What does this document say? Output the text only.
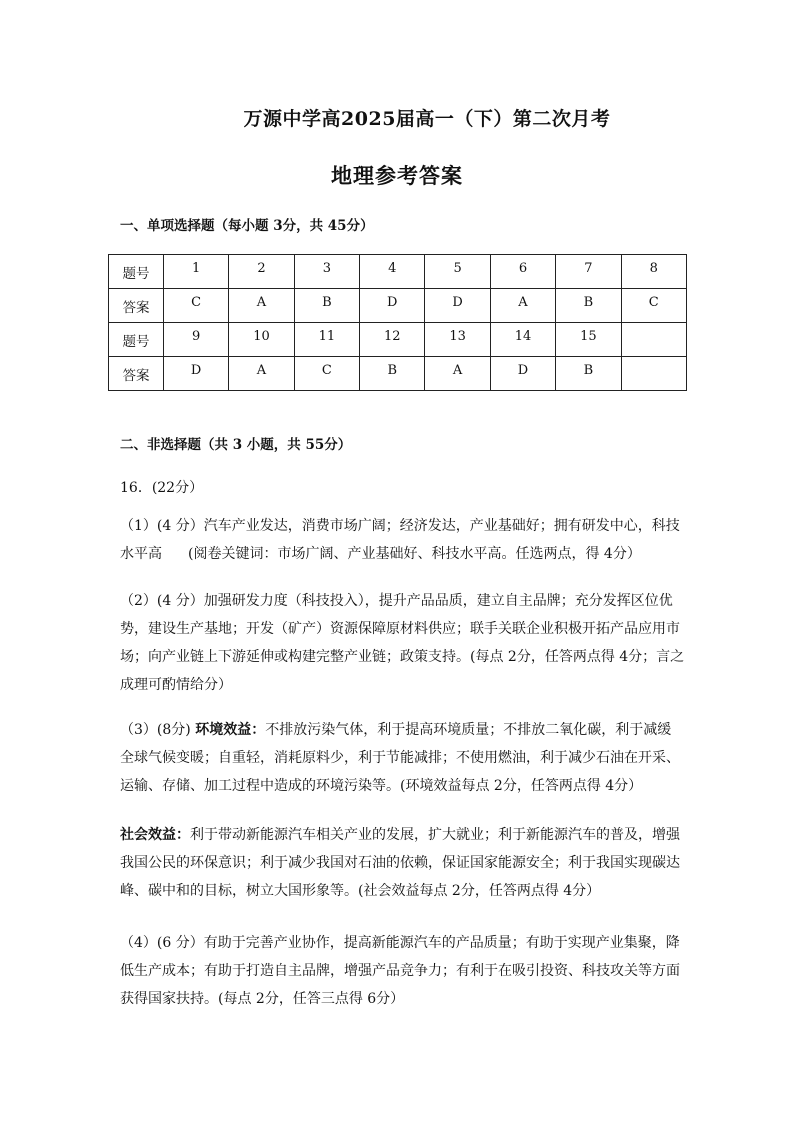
万源中学高2025届高一（下）第二次月考
地理参考答案
一、单项选择题（每小题 3分，共 45分）
题号	1	2	3	4	5	6	7	8
答案	C	A	B	D	D	A	B	C
题号	9	10	11	12	13	14	15	
答案	D	A	C	B	A	D	B	
二、非选择题（共 3 小题，共 55分）
16．(22分）
（1）(4 分）汽车产业发达，消费市场广阔；经济发达，产业基础好；拥有研发中心，科技
水平高 (阅卷关键词：市场广阔、产业基础好、科技水平高。任选两点，得 4分）
（2）(4 分）加强研发力度（科技投入），提升产品品质，建立自主品牌；充分发挥区位优势，建设生产基地；开发（矿产）资源保障原材料供应；联手关联企业积极开拓产品应用市场；向产业链上下游延伸或构建完整产业链；政策支持。(每点 2分，任答两点得 4分；言之成理可酌情给分）
（3）(8分) 环境效益：不排放污染气体，利于提高环境质量；不排放二氧化碳，利于减缓全球气候变暖；自重轻，消耗原料少，利于节能减排；不使用燃油，利于减少石油在开采、运输、存储、加工过程中造成的环境污染等。(环境效益每点 2分，任答两点得 4分）
社会效益：利于带动新能源汽车相关产业的发展，扩大就业；利于新能源汽车的普及，增强我国公民的环保意识；利于减少我国对石油的依赖，保证国家能源安全；利于我国实现碳达峰、碳中和的目标，树立大国形象等。(社会效益每点 2分，任答两点得 4分）
（4）(6 分）有助于完善产业协作，提高新能源汽车的产品质量；有助于实现产业集聚，降低生产成本；有助于打造自主品牌，增强产品竞争力；有利于在吸引投资、科技攻关等方面获得国家扶持。(每点 2分，任答三点得 6分）
